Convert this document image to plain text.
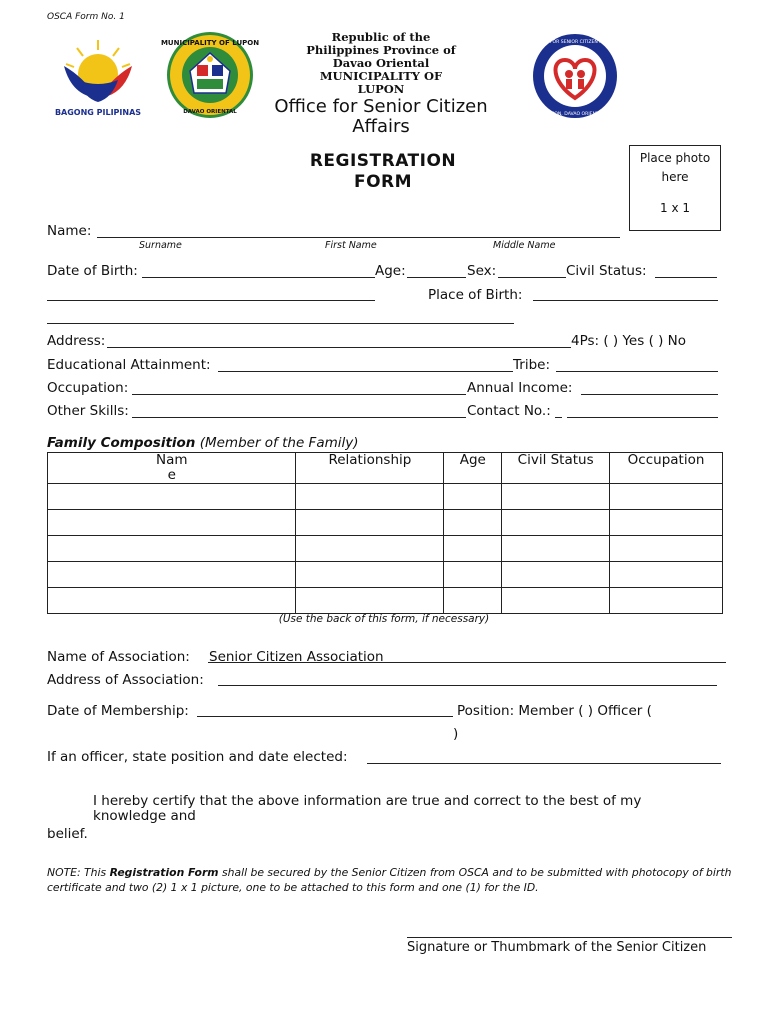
OSCA Form No. 1
BAGONG PILIPINAS
MUNICIPALITY OF LUPON
DAVAO ORIENTAL
OFFICE FOR SENIOR CITIZEN AFFAIRS
LUPON, DAVAO ORIENTAL
Republic of the
Philippines Province of
Davao Oriental
MUNICIPALITY OF
LUPON
Office for Senior Citizen
Affairs
REGISTRATION
FORM
Place photo
here
1 x 1
Name:
Surname	First Name	Middle Name
Date of Birth:	Age:	Sex:	Civil Status:
Place of Birth:
Address:	4Ps: ( ) Yes ( ) No
Educational Attainment:	Tribe:
Occupation:	Annual Income:
Other Skills:	Contact No.: _
Family Composition (Member of the Family)
Nam
e	Relationship	Age	Civil Status	Occupation

(Use the back of this form, if necessary)
Name of Association: Senior Citizen Association
Address of Association:
Date of Membership:	Position: Member ( ) Officer (
)
If an officer, state position and date elected:
I hereby certify that the above information are true and correct to the best of my
knowledge and
belief.
NOTE: This Registration Form shall be secured by the Senior Citizen from OSCA and to be submitted with photocopy of birth certificate and two (2) 1 x 1 picture, one to be attached to this form and one (1) for the ID.
Signature or Thumbmark of the Senior Citizen
